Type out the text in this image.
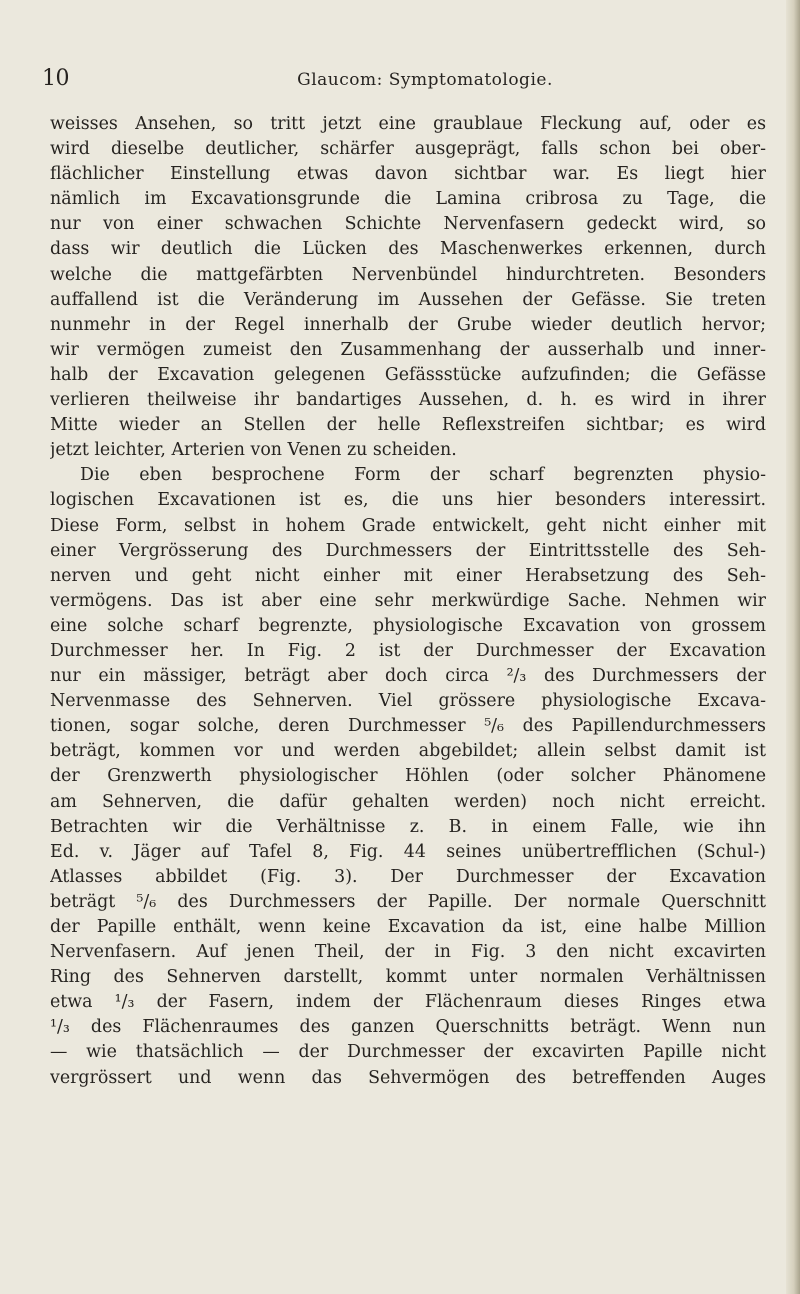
10	Glaucom: Symptomatologie.
weisses Ansehen, so tritt jetzt eine graublaue Fleckung auf, oder es
wird dieselbe deutlicher, schärfer ausgeprägt, falls schon bei ober-
flächlicher Einstellung etwas davon sichtbar war. Es liegt hier
nämlich im Excavationsgrunde die Lamina cribrosa zu Tage, die
nur von einer schwachen Schichte Nervenfasern gedeckt wird, so
dass wir deutlich die Lücken des Maschenwerkes erkennen, durch
welche die mattgefärbten Nervenbündel hindurchtreten. Besonders
auffallend ist die Veränderung im Aussehen der Gefässe. Sie treten
nunmehr in der Regel innerhalb der Grube wieder deutlich hervor;
wir vermögen zumeist den Zusammenhang der ausserhalb und inner-
halb der Excavation gelegenen Gefässstücke aufzufinden; die Gefässe
verlieren theilweise ihr bandartiges Aussehen, d. h. es wird in ihrer
Mitte wieder an Stellen der helle Reflexstreifen sichtbar; es wird
jetzt leichter, Arterien von Venen zu scheiden.
Die eben besprochene Form der scharf begrenzten physio-
logischen Excavationen ist es, die uns hier besonders interessirt.
Diese Form, selbst in hohem Grade entwickelt, geht nicht einher mit
einer Vergrösserung des Durchmessers der Eintrittsstelle des Seh-
nerven und geht nicht einher mit einer Herabsetzung des Seh-
vermögens. Das ist aber eine sehr merkwürdige Sache. Nehmen wir
eine solche scharf begrenzte, physiologische Excavation von grossem
Durchmesser her. In Fig. 2 ist der Durchmesser der Excavation
nur ein mässiger, beträgt aber doch circa ²/₃ des Durchmessers der
Nervenmasse des Sehnerven. Viel grössere physiologische Excava-
tionen, sogar solche, deren Durchmesser ⁵/₆ des Papillendurchmessers
beträgt, kommen vor und werden abgebildet; allein selbst damit ist
der Grenzwerth physiologischer Höhlen (oder solcher Phänomene
am Sehnerven, die dafür gehalten werden) noch nicht erreicht.
Betrachten wir die Verhältnisse z. B. in einem Falle, wie ihn
Ed. v. Jäger auf Tafel 8, Fig. 44 seines unübertrefflichen (Schul-)
Atlasses abbildet (Fig. 3). Der Durchmesser der Excavation
beträgt ⁵/₆ des Durchmessers der Papille. Der normale Querschnitt
der Papille enthält, wenn keine Excavation da ist, eine halbe Million
Nervenfasern. Auf jenen Theil, der in Fig. 3 den nicht excavirten
Ring des Sehnerven darstellt, kommt unter normalen Verhältnissen
etwa ¹/₃ der Fasern, indem der Flächenraum dieses Ringes etwa
¹/₃ des Flächenraumes des ganzen Querschnitts beträgt. Wenn nun
— wie thatsächlich — der Durchmesser der excavirten Papille nicht
vergrössert und wenn das Sehvermögen des betreffenden Auges
